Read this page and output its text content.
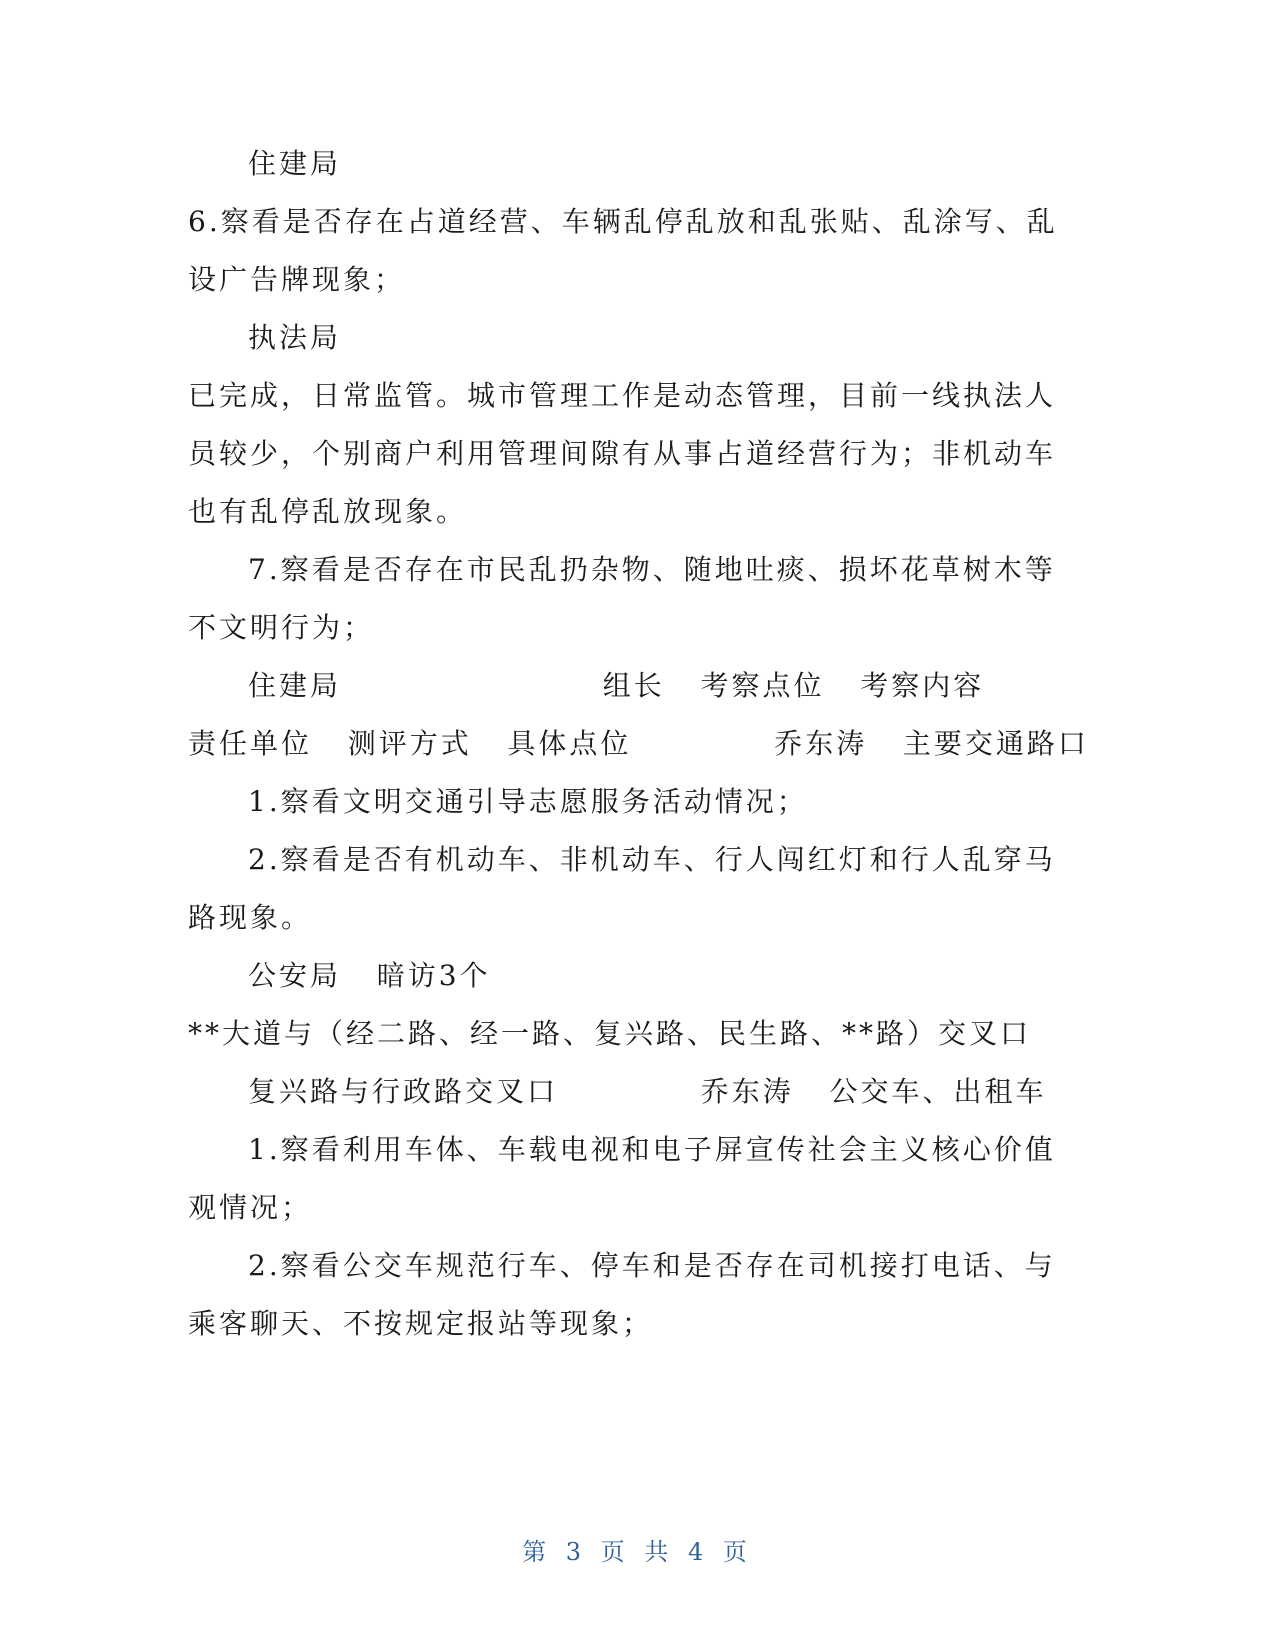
住建局
6.察看是否存在占道经营、车辆乱停乱放和乱张贴、乱涂写、乱
设广告牌现象；
执法局
已完成，日常监管。城市管理工作是动态管理，目前一线执法人
员较少，个别商户利用管理间隙有从事占道经营行为；非机动车
也有乱停乱放现象。
7.察看是否存在市民乱扔杂物、随地吐痰、损坏花草树木等
不文明行为；
住建局                      组长   考察点位   考察内容
责任单位   测评方式   具体点位            乔东涛   主要交通路口
1.察看文明交通引导志愿服务活动情况；
2.察看是否有机动车、非机动车、行人闯红灯和行人乱穿马
路现象。
公安局   暗访3个
**大道与（经二路、经一路、复兴路、民生路、**路）交叉口
复兴路与行政路交叉口            乔东涛   公交车、出租车
1.察看利用车体、车载电视和电子屏宣传社会主义核心价值
观情况；
2.察看公交车规范行车、停车和是否存在司机接打电话、与
乘客聊天、不按规定报站等现象；
第 3 页 共 4 页
